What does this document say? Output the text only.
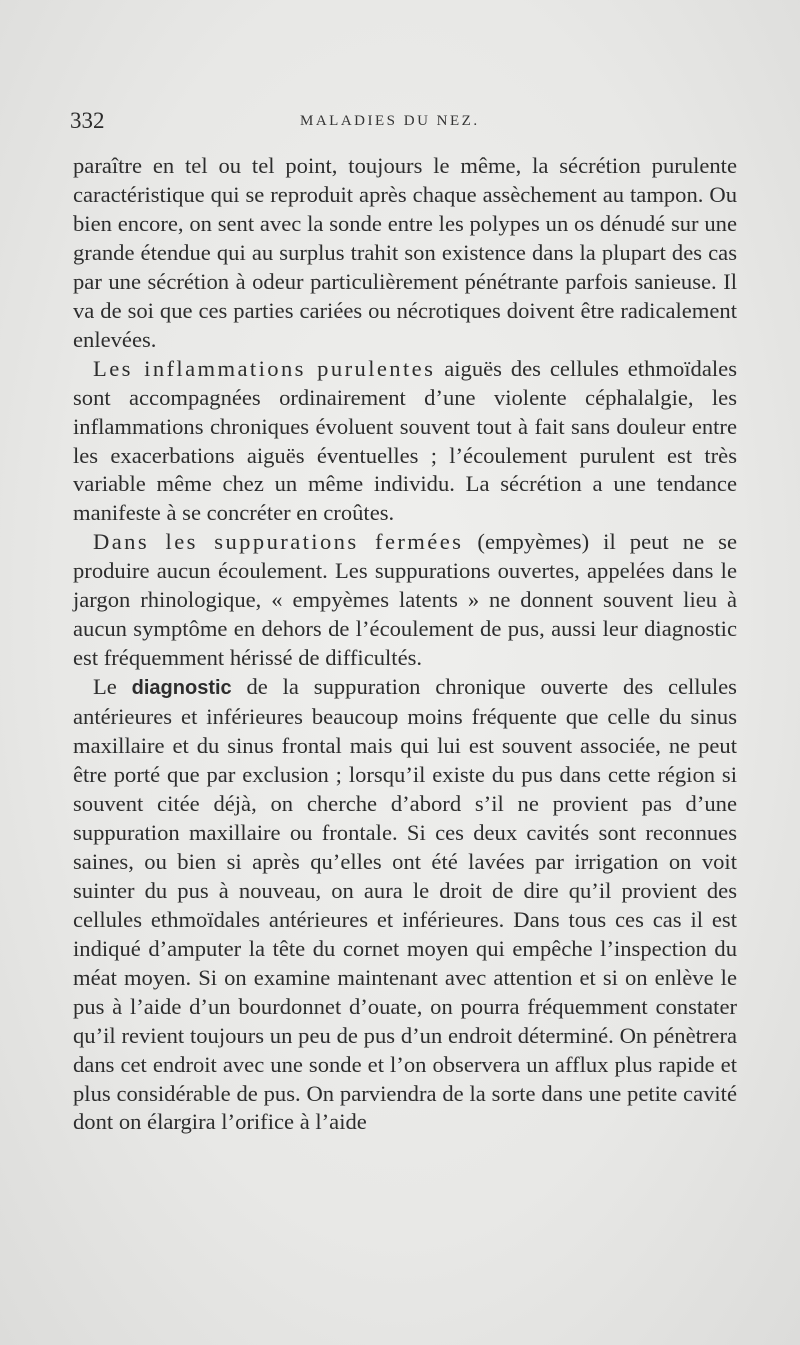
332	MALADIES DU NEZ.

paraître en tel ou tel point, toujours le même, la sécrétion purulente caractéristique qui se reproduit après chaque assèchement au tampon. Ou bien encore, on sent avec la sonde entre les polypes un os dénudé sur une grande étendue qui au surplus trahit son existence dans la plupart des cas par une sécrétion à odeur particulièrement pénétrante parfois sanieuse. Il va de soi que ces parties cariées ou nécrotiques doivent être radicalement enlevées.

Les inflammations purulentes aiguës des cellules ethmoïdales sont accompagnées ordinairement d’une violente céphalalgie, les inflammations chroniques évoluent souvent tout à fait sans douleur entre les exacerbations aiguës éventuelles ; l’écoulement purulent est très variable même chez un même individu. La sécrétion a une tendance manifeste à se concréter en croûtes.

Dans les suppurations fermées (empyèmes) il peut ne se produire aucun écoulement. Les suppurations ouvertes, appelées dans le jargon rhinologique, « empyèmes latents » ne donnent souvent lieu à aucun symptôme en dehors de l’écoulement de pus, aussi leur diagnostic est fréquemment hérissé de difficultés.

Le diagnostic de la suppuration chronique ouverte des cellules antérieures et inférieures beaucoup moins fréquente que celle du sinus maxillaire et du sinus frontal mais qui lui est souvent associée, ne peut être porté que par exclusion ; lorsqu’il existe du pus dans cette région si souvent citée déjà, on cherche d’abord s’il ne provient pas d’une suppuration maxillaire ou frontale. Si ces deux cavités sont reconnues saines, ou bien si après qu’elles ont été lavées par irrigation on voit suinter du pus à nouveau, on aura le droit de dire qu’il provient des cellules ethmoïdales antérieures et inférieures. Dans tous ces cas il est indiqué d’amputer la tête du cornet moyen qui empêche l’inspection du méat moyen. Si on examine maintenant avec attention et si on enlève le pus à l’aide d’un bourdonnet d’ouate, on pourra fréquemment constater qu’il revient toujours un peu de pus d’un endroit déterminé. On pénètrera dans cet endroit avec une sonde et l’on observera un afflux plus rapide et plus considérable de pus. On parviendra de la sorte dans une petite cavité dont on élargira l’orifice à l’aide
